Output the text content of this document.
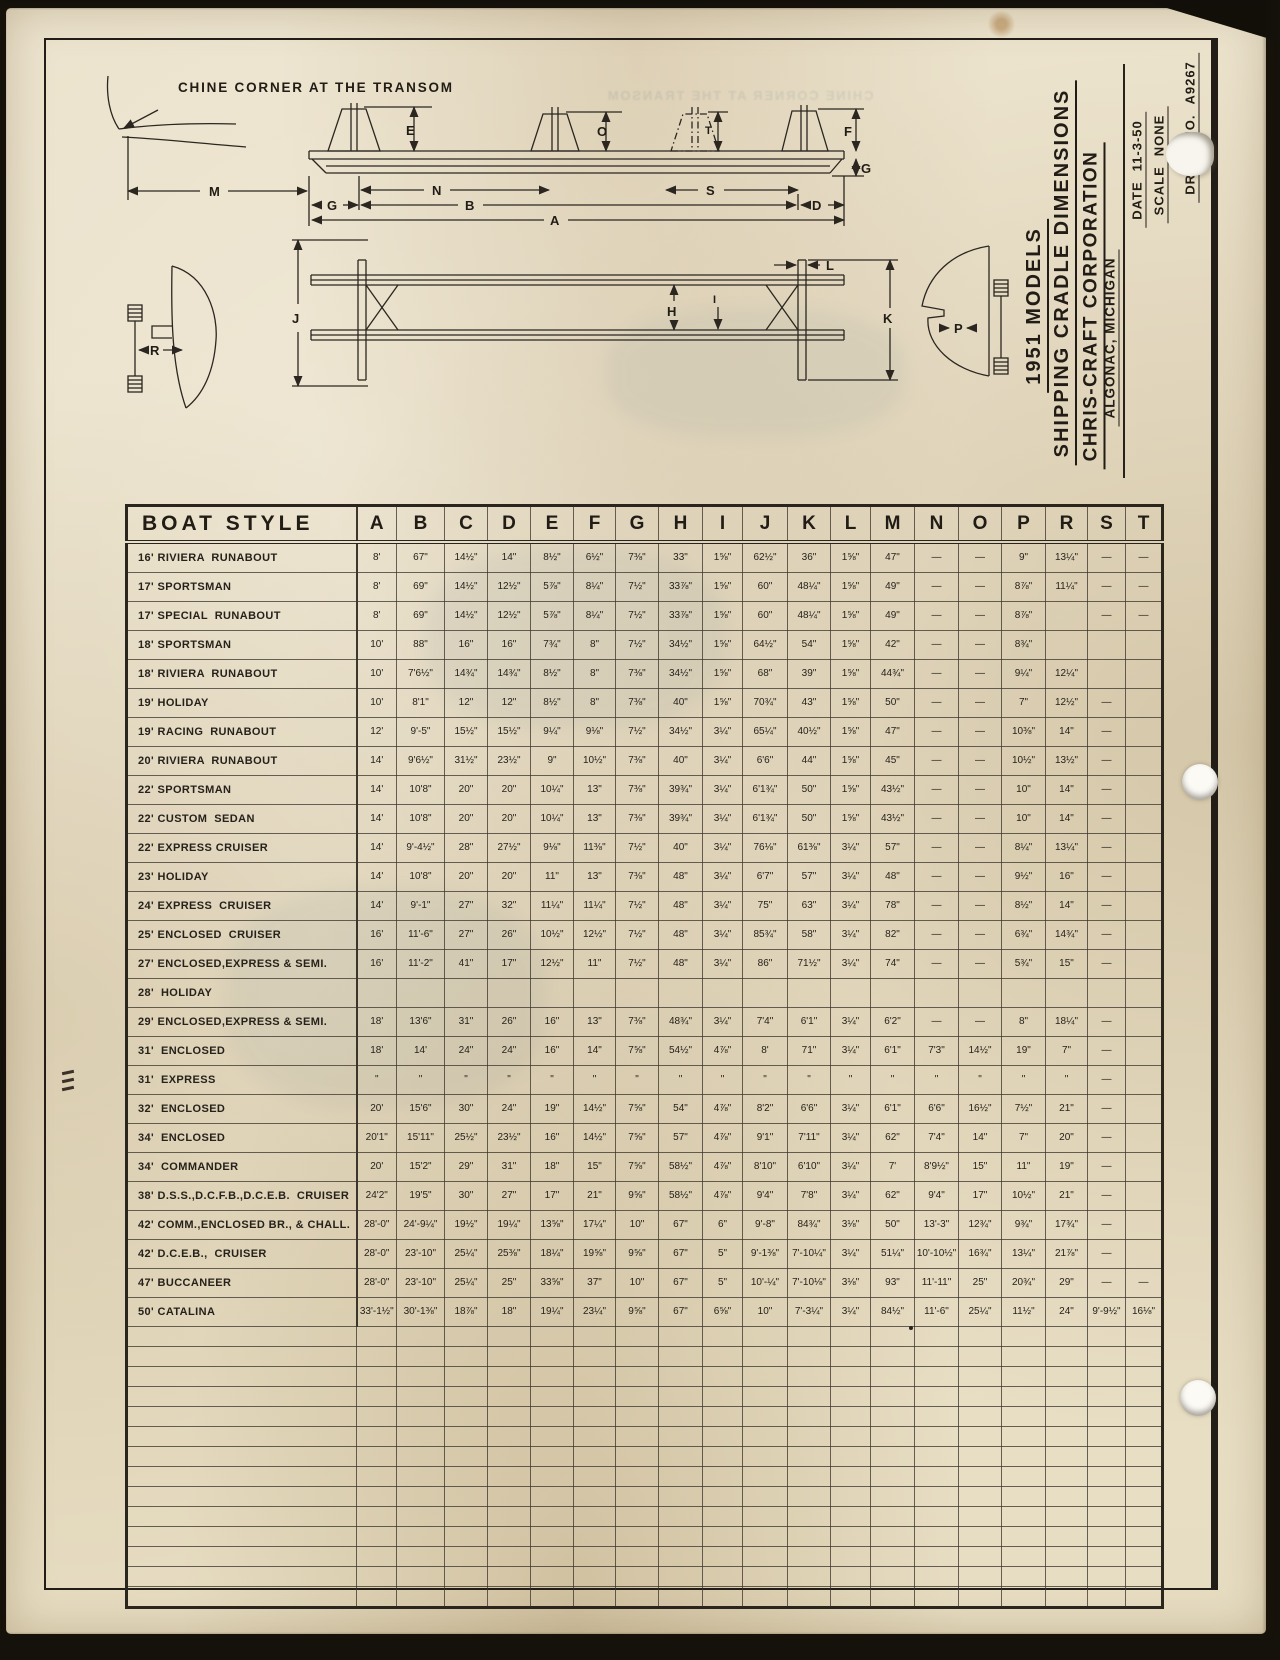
CHINE CORNER AT THE TRANSOM
CHINE CORNER AT THE TRANSOM
E	O	T	F
G
M	N	S
G	B	D
A
J	H
I
K
L
R
P	1951 MODELS SHIPPING CRADLE DIMENSIONS CHRIS-CRAFT CORPORATION ALGONAC, MICHIGAN
DATE11-3-50
SCALENONE
A9267
BOAT STYLE	A	B	C	D	E	F	G	H	I	J	K	L	M	N	O	P	R	S	T
16' RIVIERA  RUNABOUT	8'	67"	14½"	14"	8½"	6½"	7⅜"	33"	1⅝"	62½"	36"	1⅝"	47"	—	—	9"	13¼"	—	—
17' SPORTSMAN	8'	69"	14½"	12½"	5⅞"	8¼"	7½"	33⅞"	1⅝"	60"	48¼"	1⅝"	49"	—	—	8⅞"	11¼"	—	—
17' SPECIAL  RUNABOUT	8'	69"	14½"	12½"	5⅞"	8¼"	7½"	33⅞"	1⅝"	60"	48¼"	1⅝"	49"	—	—	8⅞"		—	—
18' SPORTSMAN	10'	88"	16"	16"	7¾"	8"	7½"	34½"	1⅝"	64½"	54"	1⅝"	42"	—	—	8¾"			
18' RIVIERA  RUNABOUT	10'	7'6½"	14¾"	14¾"	8½"	8"	7⅜"	34½"	1⅝"	68"	39"	1⅝"	44¾"	—	—	9¼"	12¼"		
19' HOLIDAY	10'	8'1"	12"	12"	8½"	8"	7⅜"	40"	1⅝"	70¾"	43"	1⅝"	50"	—	—	7"	12½"	—	
19' RACING  RUNABOUT	12'	9'-5"	15½"	15½"	9¼"	9⅛"	7½"	34½"	3¼"	65¼"	40½"	1⅝"	47"	—	—	10⅜"	14"	—	
20' RIVIERA  RUNABOUT	14'	9'6½"	31½"	23½"	9"	10½"	7⅜"	40"	3¼"	6'6"	44"	1⅝"	45"	—	—	10½"	13½"	—	
22' SPORTSMAN	14'	10'8"	20"	20"	10¼"	13"	7⅜"	39¾"	3¼"	6'1¾"	50"	1⅝"	43½"	—	—	10"	14"	—	
22' CUSTOM  SEDAN	14'	10'8"	20"	20"	10¼"	13"	7⅜"	39¾"	3¼"	6'1¾"	50"	1⅝"	43½"	—	—	10"	14"	—	
22' EXPRESS CRUISER	14'	9'-4½"	28"	27½"	9⅛"	11⅜"	7½"	40"	3¼"	76⅛"	61⅜"	3¼"	57"	—	—	8¼"	13¼"	—	
23' HOLIDAY	14'	10'8"	20"	20"	11"	13"	7⅜"	48"	3¼"	6'7"	57"	3¼"	48"	—	—	9½"	16"	—	
24' EXPRESS  CRUISER	14'	9'-1"	27"	32"	11¼"	11¼"	7½"	48"	3¼"	75"	63"	3¼"	78"	—	—	8½"	14"	—	
25' ENCLOSED  CRUISER	16'	11'-6"	27"	26"	10½"	12½"	7½"	48"	3¼"	85¾"	58"	3¼"	82"	—	—	6¾"	14¾"	—	
27' ENCLOSED,EXPRESS & SEMI.	16'	11'-2"	41"	17"	12½"	11"	7½"	48"	3¼"	86"	71½"	3¼"	74"	—	—	5¾"	15"	—	
28'  HOLIDAY																			
29' ENCLOSED,EXPRESS & SEMI.	18'	13'6"	31"	26"	16"	13"	7⅜"	48¾"	3¼"	7'4"	6'1"	3¼"	6'2"	—	—	8"	18¼"	—	
31'  ENCLOSED	18'	14'	24"	24"	16"	14"	7⅝"	54½"	4⅞"	8'	71"	3¼"	6'1"	7'3"	14½"	19"	7"	—	
31'  EXPRESS	"	"	"	"	"	"	"	"	"	"	"	"	"	"	"	"	"	—	
32'  ENCLOSED	20'	15'6"	30"	24"	19"	14½"	7⅝"	54"	4⅞"	8'2"	6'6"	3¼"	6'1"	6'6"	16½"	7½"	21"	—	
34'  ENCLOSED	20'1"	15'11"	25½"	23½"	16"	14½"	7⅝"	57"	4⅞"	9'1"	7'11"	3¼"	62"	7'4"	14"	7"	20"	—	
34'  COMMANDER	20'	15'2"	29"	31"	18"	15"	7⅝"	58½"	4⅞"	8'10"	6'10"	3¼"	7'	8'9½"	15"	11"	19"	—	
38' D.S.S.,D.C.F.B.,D.C.E.B.  CRUISER	24'2"	19'5"	30"	27"	17"	21"	9⅝"	58½"	4⅞"	9'4"	7'8"	3¼"	62"	9'4"	17"	10½"	21"	—	
42' COMM.,ENCLOSED BR., & CHALL.	28'-0"	24'-9¼"	19½"	19¼"	13⅝"	17¼"	10"	67"	6"	9'-8"	84¾"	3⅛"	50"	13'-3"	12¾"	9¾"	17¾"	—	
42' D.C.E.B.,  CRUISER	28'-0"	23'-10"	25¼"	25⅜"	18¼"	19⅝"	9⅝"	67"	5"	9'-1⅜"	7'-10¼"	3¼"	51¼"	10'-10½"	16¾"	13¼"	21⅞"	—	
47' BUCCANEER	28'-0"	23'-10"	25¼"	25"	33⅝"	37"	10"	67"	5"	10'-¼"	7'-10⅛"	3⅛"	93"	11'-11"	25"	20¾"	29"	—	—
50' CATALINA	33'-1½"	30'-1⅜"	18⅞"	18"	19¼"	23¼"	9⅝"	67"	6⅝"	10"	7'-3¼"	3¼"	84½"	11'-6"	25¼"	11½"	24"	9'-9½"	16⅛"
